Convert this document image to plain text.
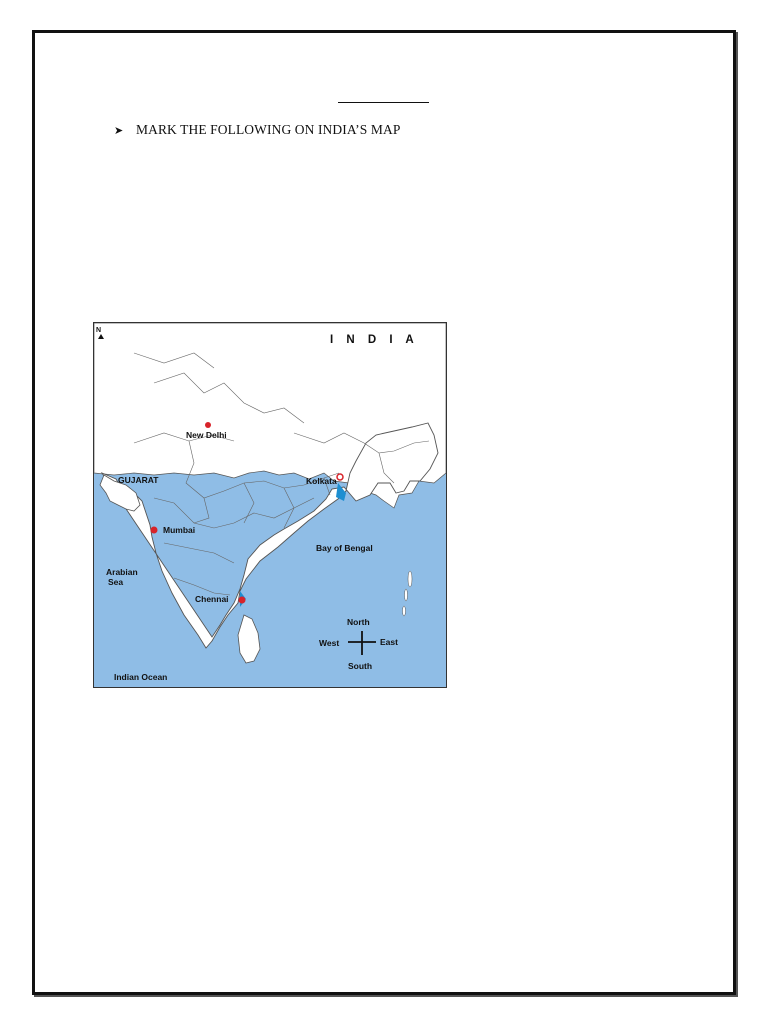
➤ MARK THE FOLLOWING ON INDIA’S MAP
I N D I A
N
New Delhi
Kolkata
Mumbai
Chennai
GUJARAT
Arabian
Sea
Bay of Bengal
Indian Ocean
North
South
West	East
